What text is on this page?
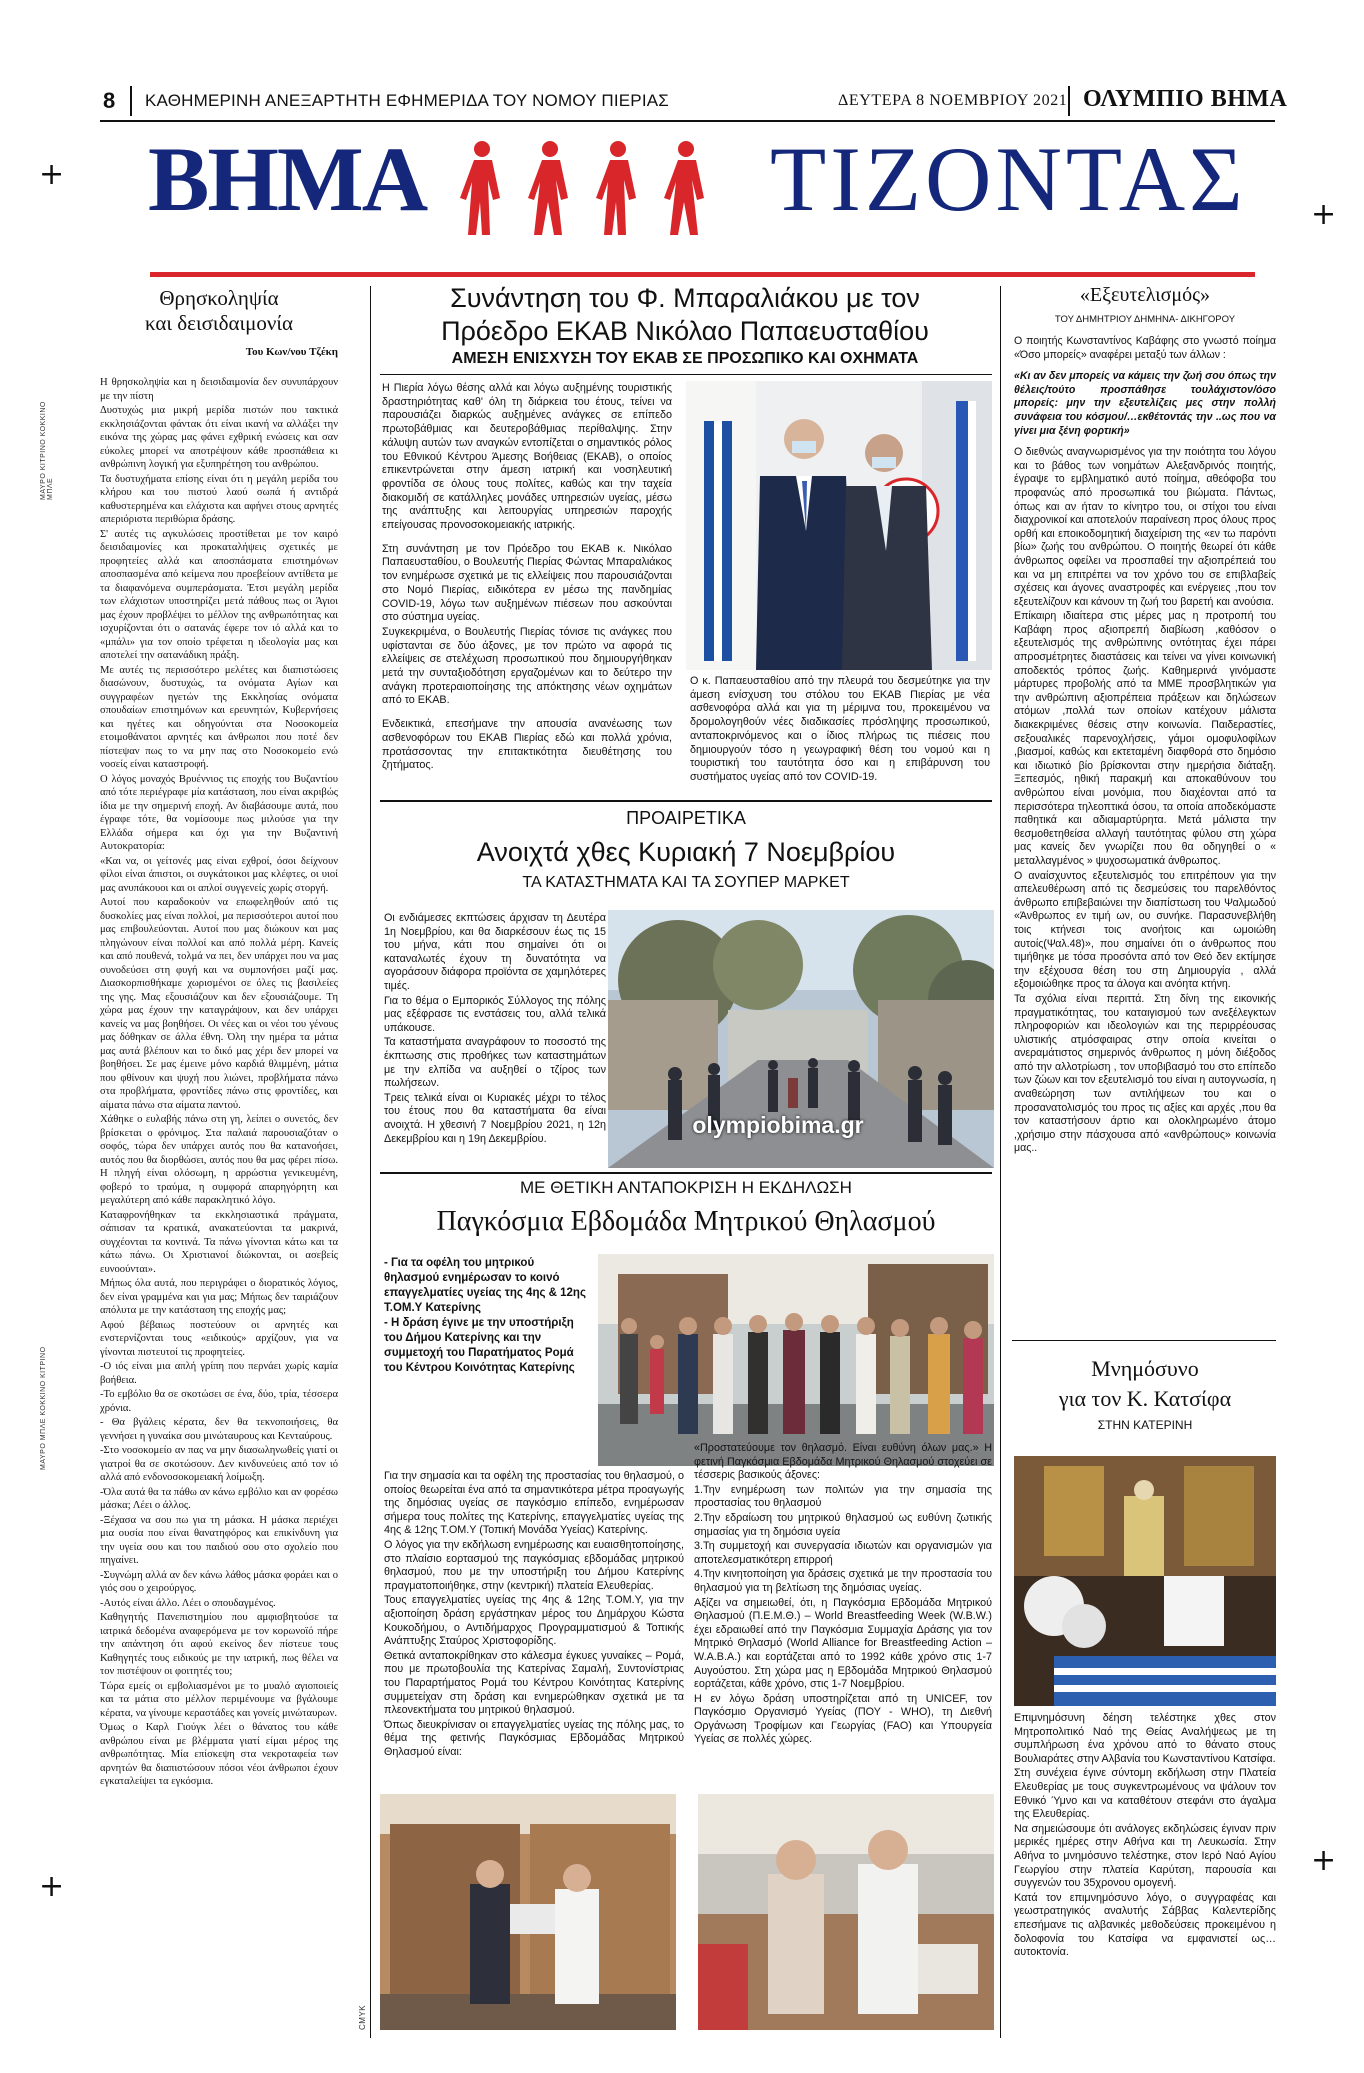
8 ΚΑΘΗΜΕΡΙΝΗ ΑΝΕΞΑΡΤΗΤΗ ΕΦΗΜΕΡΙΔΑ ΤΟΥ ΝΟΜΟΥ ΠΙΕΡΙΑΣ	ΔΕΥΤΕΡΑ 8 ΝΟΕΜΒΡΙΟΥ 2021 ΟΛΥΜΠΙΟ ΒΗΜΑ
+
+
+
+
ΜΑΥΡΟ ΚΙΤΡΙΝΟ ΚΟΚΚΙΝΟ ΜΠΛΕ
ΜΑΥΡΟ ΜΠΛΕ ΚΟΚΚΙΝΟ ΚΙΤΡΙΝΟ
CMYK
ΒΗΜΑ	ΤΙΖΟΝΤΑΣ
Θρησκοληψία
και δεισιδαιμονία
Του Κων/νου Τζέκη

Η θρησκοληψία και η δεισιδαιμονία δεν συνυπάρχουν με την πίστη

Δυστυχώς μια μικρή μερίδα πιστών που τακτικά εκκλησιάζονται φάντακ ότι είναι ικανή να αλλάξει την εικόνα της χώρας μας φάνει εχθρική ενώσεις και σαν εύκολες μπορεί να αποτρέψουν κάθε προσπάθεια κι ανθρώπινη λογική για εξυπηρέτηση του ανθρώπου.

Τα δυστυχήματα επίσης είναι ότι η μεγάλη μερίδα του κλήρου και του πιστού λαού σωπά ή αντιδρά καθυστερημένα και ελάχιστα και αφήνει στους αρνητές απεριόριστα περιθώρια δράσης.

Σ' αυτές τις αγκυλώσεις προστίθεται με τον καιρό δεισιδαιμονίες και προκαταλήψεις σχετικές με προφητείες αλλά και αποσπάσματα επιστημόνων αποσπασμένα από κείμενα που προεβείουν αντίθετα με τα διαφανόμενα συμπεράσματα. Έτσι μεγάλη μερίδα των ελάχιστων υποστηρίζει μετά πάθους πως οι Άγιοι μας έχουν προβλέψει το μέλλον της ανθρωπότητας και ισχυρίζονται ότι ο σατανάς έφερε τον ιό αλλά και το «μπάλι» για τον οποίο τρέφεται η ιδεολογία μας και αποτελεί την σατανάδικη πράξη.

Με αυτές τις περισσότερο μελέτες και διαπιστώσεις διασώνουν, δυστυχώς, τα ονόματα Αγίων και συγγραφέων ηγετών της Εκκλησίας ονόματα σπουδαίων επιστημόνων και ερευνητών, Κυβερνήσεις και ηγέτες και οδηγούνται στα Νοσοκομεία ετοιμοθάνατοι αρνητές και άνθρωποι που ποτέ δεν πίστεψαν πως το να μην πας στο Νοσοκομείο ενώ νοσείς είναι καταστροφή.

Ο λόγος μοναχός Βρυέννιος τις εποχής του Βυζαντίου από τότε περιέγραφε μία κατάσταση, που είναι ακριβώς ίδια με την σημερινή εποχή. Αν διαβάσουμε αυτά, που έγραφε τότε, θα νομίσουμε πως μιλούσε για την Ελλάδα σήμερα και όχι για την Βυζαντινή Αυτοκρατορία:

«Και να, οι γείτονές μας είναι εχθροί, όσοι δείχνουν φίλοι είναι άπιστοι, οι συγκάτοικοι μας κλέφτες, οι υιοί μας ανυπάκουοι και οι απλοί συγγενείς χωρίς στοργή.

Αυτοί που καραδοκούν να επωφεληθούν από τις δυσκολίες μας είναι πολλοί, μα περισσότεροι αυτοί που μας επιβουλεύονται. Αυτοί που μας διώκουν και μας πληγώνουν είναι πολλοί και από πολλά μέρη. Κανείς και από πουθενά, τολμά να πει, δεν υπάρχει που να μας συνοδεύσει στη φυγή και να συμπονήσει μαζί μας. Διασκορπισθήκαμε χωρισμένοι σε όλες τις βασιλείες της γης. Μας εξουσιάζουν και δεν εξουσιάζουμε. Τη χώρα μας έχουν την καταγράψουν, και δεν υπάρχει κανείς να μας βοηθήσει. Οι νέες και οι νέοι του γένους μας δόθηκαν σε άλλα έθνη. Όλη την ημέρα τα μάτια μας αυτά βλέπουν και το δικό μας χέρι δεν μπορεί να βοηθήσει. Σε μας έμεινε μόνο καρδιά θλιμμένη, μάτια που φθίνουν και ψυχή που λιώνει, προβλήματα πάνω στα προβλήματα, φροντίδες πάνω στις φροντίδες, και αίματα πάνω στα αίματα παντού.

Χάθηκε ο ευλαβής πάνω στη γη, λείπει ο συνετός, δεν βρίσκεται ο φρόνιμος. Στα παλαιά παρουσιαζόταν ο σοφός, τώρα δεν υπάρχει αυτός που θα κατανοήσει, αυτός που θα διορθώσει, αυτός που θα μας φέρει πίσω. Η πληγή είναι ολόσωμη, η αρρώστια γενικευμένη, φοβερό το τραύμα, η συμφορά απαρηγόρητη και μεγαλύτερη από κάθε παρακλητικό λόγο.

Καταφρονήθηκαν τα εκκλησιαστικά πράγματα, σάπισαν τα κρατικά, ανακατεύονται τα μακρινά, συγχέονται τα κοντινά. Τα πάνω γίνονται κάτω και τα κάτω πάνω. Οι Χριστιανοί διώκονται, οι ασεβείς ευνοούνται».

Μήπως όλα αυτά, που περιγράφει ο διορατικός λόγιος, δεν είναι γραμμένα και για μας; Μήπως δεν ταιριάζουν απόλυτα με την κατάσταση της εποχής μας;

Αφού βέβαιως ποστεύουν οι αρνητές και ενστερνίζονται τους «ειδικούς» αρχίζουν, για να γίνονται πιστευτοί τις προφητείες.

-Ο ιός είναι μια απλή γρίπη που περνάει χωρίς καμία βοήθεια.

-Το εμβόλιο θα σε σκοτώσει σε ένα, δύο, τρία, τέσσερα χρόνια.

- Θα βγάλεις κέρατα, δεν θα τεκνοποιήσεις, θα γεννήσει η γυναίκα σου μινώταυρους και Κενταύρους.

-Στο νοσοκομείο αν πας να μην διασωληνωθείς γιατί οι γιατροί θα σε σκοτώσουν. Δεν κινδυνεύεις από τον ιό αλλά από ενδονοσοκομειακή λοίμωξη.

-Όλα αυτά θα τα πάθω αν κάνω εμβόλιο και αν φορέσω μάσκα; Λέει ο άλλος.

-Ξέχασα να σου πω για τη μάσκα. Η μάσκα περιέχει μια ουσία που είναι θανατηφόρος και επικίνδυνη για την υγεία σου και του παιδιού σου στο σχολείο που πηγαίνει.

-Συγνώμη αλλά αν δεν κάνω λάθος μάσκα φοράει και ο γιός σου ο χειρούργος.

-Αυτός είναι άλλο. Λέει ο σπουδαγμένος.

Καθηγητής Πανεπιστημίου που αμφισβητούσε τα ιατρικά δεδομένα αναφερόμενα με τον κορωνοϊό πήρε την απάντηση ότι αφού εκείνος δεν πίστευε τους Καθηγητές τους ειδικούς με την ιατρική, πως θέλει να τον πιστέψουν οι φοιτητές του;

Τώρα εμείς οι εμβολιασμένοι με το μυαλό αγιοποιείς και τα μάτια στο μέλλον περιμένουμε να βγάλουμε κέρατα, να γίνουμε κεραστάδες και γονείς μινώταυρων.

Όμως ο Καρλ Γιούγκ λέει ο θάνατος του κάθε ανθρώπου είναι με βλέμματα γιατί είμαι μέρος της ανθρωπότητας. Μία επίσκεψη στα νεκροταφεία των αρνητών θα διαπιστώσουν πόσοι νέοι άνθρωποι έχουν εγκαταλείψει τα εγκόσμια.

Συνάντηση του Φ. Μπαραλιάκου με τον
Πρόεδρο ΕΚΑΒ Νικόλαο Παπαευσταθίου
ΑΜΕΣΗ ΕΝΙΣΧΥΣΗ ΤΟΥ ΕΚΑΒ ΣΕ ΠΡΟΣΩΠΙΚΟ ΚΑΙ ΟΧΗΜΑΤΑ

Η Πιερία λόγω θέσης αλλά και λόγω αυξημένης τουριστικής δραστηριότητας καθ' όλη τη διάρκεια του έτους, τείνει να παρουσιάζει διαρκώς αυξημένες ανάγκες σε επίπεδο πρωτοβάθμιας και δευτεροβάθμιας περίθαλψης. Στην κάλυψη αυτών των αναγκών εντοπίζεται ο σημαντικός ρόλος του Εθνικού Κέντρου Άμεσης Βοήθειας (ΕΚΑΒ), ο οποίος επικεντρώνεται στην άμεση ιατρική και νοσηλευτική φροντίδα σε όλους τους πολίτες, καθώς και την ταχεία διακομιδή σε κατάλληλες μονάδες υπηρεσιών υγείας, μέσω της ανάπτυξης και λειτουργίας υπηρεσιών παροχής επείγουσας προνοσοκομειακής ιατρικής.

Στη συνάντηση με τον Πρόεδρο του ΕΚΑΒ κ. Νικόλαο Παπαευσταθίου, ο Βουλευτής Πιερίας Φώντας Μπαραλιάκος τον ενημέρωσε σχετικά με τις ελλείψεις που παρουσιάζονται στο Νομό Πιερίας, ειδικότερα εν μέσω της πανδημίας COVID-19, λόγω των αυξημένων πιέσεων που ασκούνται στο σύστημα υγείας.

Συγκεκριμένα, ο Βουλευτής Πιερίας τόνισε τις ανάγκες που υφίστανται σε δύο άξονες, με τον πρώτο να αφορά τις ελλείψεις σε στελέχωση προσωπικού που δημιουργήθηκαν μετά την συνταξιοδότηση εργαζομένων και το δεύτερο την ανάγκη προτεραιοποίησης της απόκτησης νέων οχημάτων από το ΕΚΑΒ.

Ενδεικτικά, επεσήμανε την απουσία ανανέωσης των ασθενοφόρων του ΕΚΑΒ Πιερίας εδώ και πολλά χρόνια, προτάσσοντας την επιτακτικότητα διευθέτησης του ζητήματος.

Ο κ. Παπαευσταθίου από την πλευρά του δεσμεύτηκε για την άμεση ενίσχυση του στόλου του ΕΚΑΒ Πιερίας με νέα ασθενοφόρα αλλά και για τη μέριμνα του, προκειμένου να δρομολογηθούν νέες διαδικασίες πρόσληψης προσωπικού, ανταποκρινόμενος και ο ίδιος πλήρως τις πιέσεις που δημιουργούν τόσο η γεωγραφική θέση του νομού και η τουριστική του ταυτότητα όσο και η επιβάρυνση του συστήματος υγείας από τον COVID-19.
ΠΡΟΑΙΡΕΤΙΚΑ
Ανοιχτά χθες Κυριακή 7 Νοεμβρίου
ΤΑ ΚΑΤΑΣΤΗΜΑΤΑ ΚΑΙ ΤΑ ΣΟΥΠΕΡ ΜΑΡΚΕΤ

Οι ενδιάμεσες εκπτώσεις άρχισαν τη Δευτέρα 1η Νοεμβρίου, και θα διαρκέσουν έως τις 15 του μήνα, κάτι που σημαίνει ότι οι καταναλωτές έχουν τη δυνατότητα να αγοράσουν διάφορα προϊόντα σε χαμηλότερες τιμές.

Για το θέμα ο Εμπορικός Σύλλογος της πόλης μας εξέφρασε τις ενστάσεις του, αλλά τελικά υπάκουσε.

Τα καταστήματα αναγράφουν το ποσοστό της έκπτωσης στις προθήκες των καταστημάτων με την ελπίδα να αυξηθεί ο τζίρος των πωλήσεων.

Τρεις τελικά είναι οι Κυριακές μέχρι το τέλος του έτους που θα καταστήματα θα είναι ανοιχτά. Η χθεσινή 7 Νοεμβρίου 2021, η 12η Δεκεμβρίου και η 19η Δεκεμβρίου.

olympiobima.gr
ΜΕ ΘΕΤΙΚΗ ΑΝΤΑΠΟΚΡΙΣΗ Η ΕΚΔΗΛΩΣΗ
Παγκόσμια Εβδομάδα Μητρικού Θηλασμού
- Για τα οφέλη του μητρικού θηλασμού ενημέρωσαν το κοινό επαγγελματίες υγείας της 4ης & 12ης Τ.ΟΜ.Υ Κατερίνης
- Η δράση έγινε με την υποστήριξη του Δήμου Κατερίνης και την συμμετοχή του Παρατήματος Ρομά του Κέντρου Κοινότητας Κατερίνης

Για την σημασία και τα οφέλη της προστασίας του θηλασμού, ο οποίος θεωρείται ένα από τα σημαντικότερα μέτρα προαγωγής της δημόσιας υγείας σε παγκόσμιο επίπεδο, ενημέρωσαν σήμερα τους πολίτες της Κατερίνης, επαγγελματίες υγείας της 4ης & 12ης Τ.ΟΜ.Υ (Τοπική Μονάδα Υγείας) Κατερίνης.

Ο λόγος για την εκδήλωση ενημέρωσης και ευαισθητοποίησης, στο πλαίσιο εορτασμού της παγκόσμιας εβδομάδας μητρικού θηλασμού, που με την υποστήριξη του Δήμου Κατερίνης πραγματοποιήθηκε, στην (κεντρική) πλατεία Ελευθερίας.

Τους επαγγελματίες υγείας της 4ης & 12ης Τ.ΟΜ.Υ, για την αξιοποίηση δράση εργάστηκαν μέρος του Δημάρχου Κώστα Κουκοδήμου, ο Αντιδήμαρχος Προγραμματισμού & Τοπικής Ανάπτυξης Σταύρος Χριστοφορίδης.

Θετικά ανταποκρίθηκαν στο κάλεσμα έγκυες γυναίκες – Ρομά, που με πρωτοβουλία της Κατερίνας Σαμαλή, Συντονίστριας του Παραρτήματος Ρομά του Κέντρου Κοινότητας Κατερίνης συμμετείχαν στη δράση και ενημερώθηκαν σχετικά με τα πλεονεκτήματα του μητρικού θηλασμού.

Όπως διευκρίνισαν οι επαγγελματίες υγείας της πόλης μας, το θέμα της φετινής Παγκόσμιας Εβδομάδας Μητρικού Θηλασμού είναι:

«Προστατεύουμε τον θηλασμό. Είναι ευθύνη όλων μας.» Η φετινή Παγκόσμια Εβδομάδα Μητρικού Θηλασμού στοχεύει σε τέσσερις βασικούς άξονες:

1.Την ενημέρωση των πολιτών για την σημασία της προστασίας του θηλασμού

2.Την εδραίωση του μητρικού θηλασμού ως ευθύνη ζωτικής σημασίας για τη δημόσια υγεία

3.Τη συμμετοχή και συνεργασία ιδιωτών και οργανισμών για αποτελεσματικότερη επιρροή

4.Την κινητοποίηση για δράσεις σχετικά με την προστασία του θηλασμού για τη βελτίωση της δημόσιας υγείας.

Αξίζει να σημειωθεί, ότι, η Παγκόσμια Εβδομάδα Μητρικού Θηλασμού (Π.Ε.Μ.Θ.) – World Breastfeeding Week (W.B.W.) έχει εδραιωθεί από την Παγκόσμια Συμμαχία Δράσης για τον Μητρικό Θηλασμό (World Alliance for Breastfeeding Action – W.A.B.A.) και εορτάζεται από το 1992 κάθε χρόνο στις 1-7 Αυγούστου. Στη χώρα μας η Εβδομάδα Μητρικού Θηλασμού εορτάζεται, κάθε χρόνο, στις 1-7 Νοεμβρίου.

Η εν λόγω δράση υποστηρίζεται από τη UNICEF, τον Παγκόσμιο Οργανισμό Υγείας (ΠΟΥ - WHO), τη Διεθνή Οργάνωση Τροφίμων και Γεωργίας (FAO) και Υπουργεία Υγείας σε πολλές χώρες.

«Εξευτελισμός»
ΤΟΥ ΔΗΜΗΤΡΙΟΥ ΔΗΜΗΝΑ- ΔΙΚΗΓΟΡΟΥ

Ο ποιητής Κωνσταντίνος Καβάφης στο γνωστό ποίημα «Όσο μπορείς» αναφέρει μεταξύ των άλλων :

«Κι αν δεν μπορείς να κάμεις την ζωή σου όπως την θέλεις/τούτο προσπάθησε τουλάχιστον/όσο μπορείς: μην την εξευτελίζεις μες στην πολλή συνάφεια του κόσμου/…εκθέτοντάς την ..ως που να γίνει μια ξένη φορτική»

Ο διεθνώς αναγνωρισμένος για την ποιότητα του λόγου και το βάθος των νοημάτων Αλεξανδρινός ποιητής, έγραψε το εμβληματικό αυτό ποίημα, αθεόφοβα του προφανώς από προσωπικά του βιώματα. Πάντως, όπως και αν ήταν το κίνητρο του, οι στίχοι του είναι διαχρονικοί και αποτελούν παραίνεση προς όλους προς ορθή και εποικοδομητική διαχείριση της «εν τω παρόντι βίω» ζωής του ανθρώπου. Ο ποιητής θεωρεί ότι κάθε άνθρωπος οφείλει να προσπαθεί την αξιοπρέπειά του και να μη επιτρέπει να τον χρόνο του σε επιβλαβείς σχέσεις και άγονες αναστροφές και ενέργειες ,που τον εξευτελίζουν και κάνουν τη ζωή του βαρετή και ανούσια.

Επίκαιρη ιδιαίτερα στις μέρες μας η προτροπή του Καβάφη προς αξιοπρεπή διαβίωση ,καθόσον ο εξευτελισμός της ανθρώπινης οντότητας έχει πάρει απροσμέτρητες διαστάσεις και τείνει να γίνει κοινωνική αποδεκτός τρόπος ζωής. Καθημερινά γινόμαστε μάρτυρες προβολής από τα ΜΜΕ προσβλητικών για την ανθρώπινη αξιοπρέπεια πράξεων και δηλώσεων ατόμων ,πολλά των οποίων κατέχουν μάλιστα διακεκριμένες θέσεις στην κοινωνία. Παιδεραστίες, σεξουαλικές παρενοχλήσεις, γάμοι ομοφυλοφίλων ,βιασμοί, καθώς και εκτεταμένη διαφθορά στο δημόσιο και ιδιωτικό βίο βρίσκονται στην ημερήσια διάταξη. Ξεπεσμός, ηθική παρακμή και αποκαθύνουν του ανθρώπου είναι μονόμια, που διαχέονται από τα περισσότερα τηλεοπτικά όσου, τα οποία αποδεκόμαστε παθητικά και αδιαμαρτύρητα. Μετά μάλιστα την θεσμοθετηθείσα αλλαγή ταυτότητας φύλου στη χώρα μας κανείς δεν γνωρίζει που θα οδηγηθεί ο « μεταλλαγμένος » ψυχοσωματικά άνθρωπος.

Ο αναίσχυντος εξευτελισμός του επιτρέπουν για την απελευθέρωση από τις δεσμεύσεις του παρελθόντος άνθρωπο επιβεβαιώνει την διαπίστωση του Ψαλμωδού «Άνθρωπος εν τιμή ων, ου συνήκε. Παρασυνεβλήθη τοις κτήνεσι τοις ανοήτοις και ωμοιώθη αυτοίς(Ψαλ.48)», που σημαίνει ότι ο άνθρωπος που τιμήθηκε με τόσα προσόντα από τον Θεό δεν εκτίμησε την εξέχουσα θέση του στη Δημιουργία , αλλά εξομοιώθηκε προς τα άλογα και ανόητα κτήνη.

Τα σχόλια είναι περιττά. Στη δίνη της εικονικής πραγματικότητας, του καταιγισμού των ανεξέλεγκτων πληροφοριών και ιδεολογιών και της περιρρέουσας υλιστικής ατμόσφαιρας στην οποία κινείται ο ανεραμάτιστος σημερινός άνθρωπος η μόνη διέξοδος από την αλλοτρίωση , τον υποβιβασμό του στο επίπεδο των ζώων και τον εξευτελισμό του είναι η αυτογνωσία, η αναθεώρηση των αντιλήψεων του και ο προσανατολισμός του προς τις αξίες και αρχές ,που θα τον καταστήσουν άρτιο και ολοκληρωμένο άτομο ,χρήσιμο στην πάσχουσα από «ανθρώπους» κοινωνία μας..

Μνημόσυνο
για τον Κ. Κατσίφα
ΣΤΗΝ ΚΑΤΕΡΙΝΗ

Επιμνημόσυνη δέηση τελέστηκε χθες στον Μητροπολιτικό Ναό της Θείας Αναλήψεως με τη συμπλήρωση ένα χρόνου από το θάνατο στους Βουλιαράτες στην Αλβανία του Κωνσταντίνου Κατσίφα.

Στη συνέχεια έγινε σύντομη εκδήλωση στην Πλατεία Ελευθερίας με τους συγκεντρωμένους να ψάλουν τον Εθνικό Ύμνο και να καταθέτουν στεφάνι στο άγαλμα της Ελευθερίας.

Να σημειώσουμε ότι ανάλογες εκδηλώσεις έγιναν πριν μερικές ημέρες στην Αθήνα και τη Λευκωσία. Στην Αθήνα το μνημόσυνο τελέστηκε, στον Ιερό Ναό Αγίου Γεωργίου στην πλατεία Καρύτση, παρουσία και συγγενών του 35χρονου ομογενή.

Κατά τον επιμνημόσυνο λόγο, ο συγγραφέας και γεωστρατηγικός αναλυτής Σάββας Καλεντερίδης επεσήμανε τις αλβανικές μεθοδεύσεις προκειμένου η δολοφονία του Κατσίφα να εμφανιστεί ως… αυτοκτονία.
